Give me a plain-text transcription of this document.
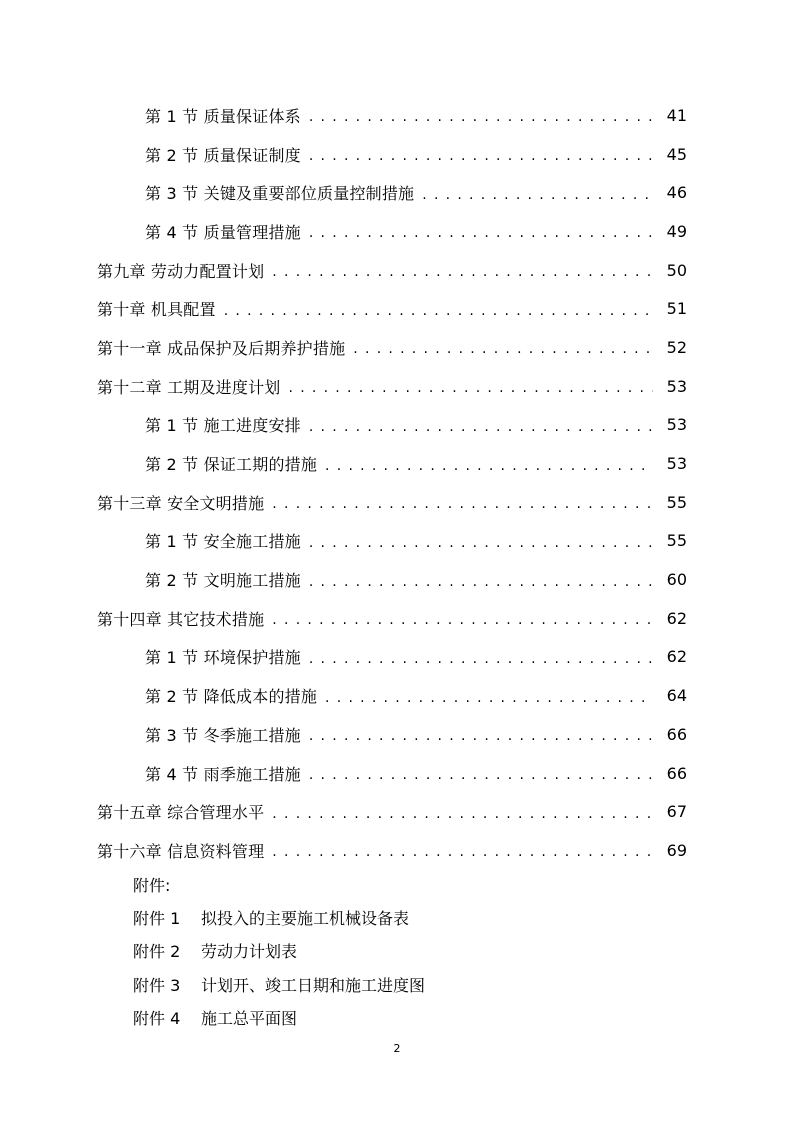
第 1 节 质量保证体系 . . .	41
第 2 节 质量保证制度 . . .	45
第 3 节 关键及重要部位质量控制措施 . . .	46
第 4 节 质量管理措施 . . .	49
第九章 劳动力配置计划 . . .	50
第十章 机具配置 . . .	51
第十一章 成品保护及后期养护措施 . . .	52
第十二章 工期及进度计划 . . .	53
第 1 节 施工进度安排 . . .	53
第 2 节 保证工期的措施 . . .	53
第十三章 安全文明措施 . . .	55
第 1 节 安全施工措施 . . .	55
第 2 节 文明施工措施 . . .	60
第十四章 其它技术措施 . . .	62
第 1 节 环境保护措施 . . .	62
第 2 节 降低成本的措施 . . .	64
第 3 节 冬季施工措施 . . .	66
第 4 节 雨季施工措施 . . .	66
第十五章 综合管理水平 . . .	67
第十六章 信息资料管理 . . .	69
附件:
附件 1	拟投入的主要施工机械设备表
附件 2	劳动力计划表
附件 3	计划开、竣工日期和施工进度图
附件 4	施工总平面图
2
